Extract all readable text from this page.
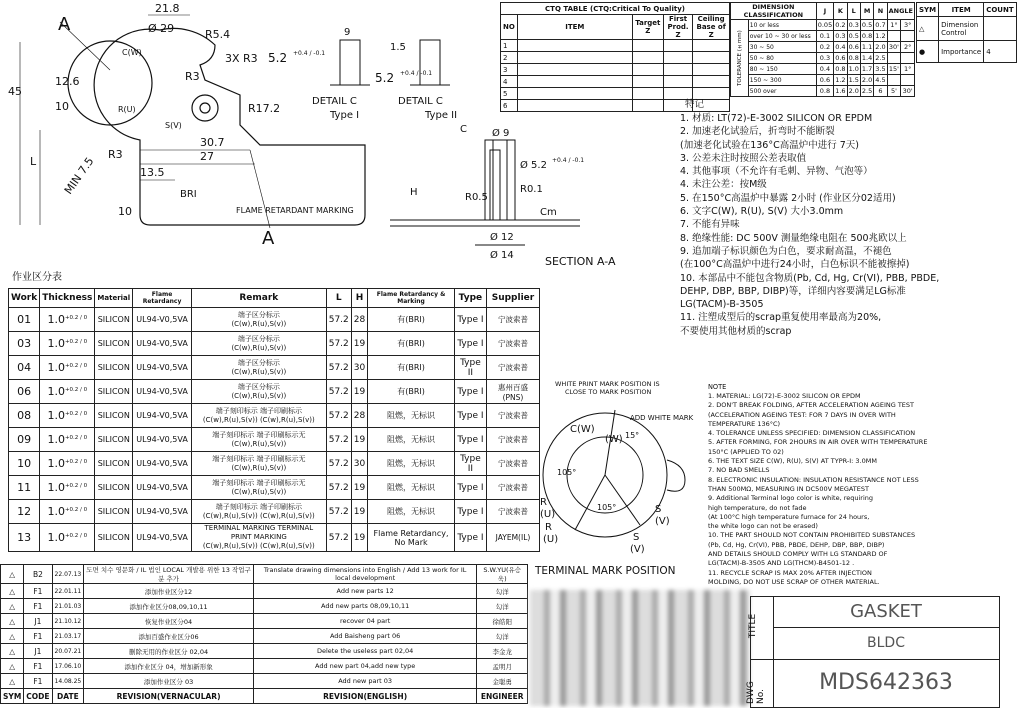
CTQ TABLE (CTQ:Critical To Quality)				
NO	ITEM	Target Z	First Prod. Z	Ceiling Base of Z
1				
2				
3				
4				
5				
6				
DIMENSION CLASSIFICATION		J	K	L	M	N	ANGLE	
TOLERANCE (±mm)	10 or less	0.05	0.2	0.3	0.5	0.7	1°	3°
	over 10 ~ 30 or less	0.1	0.3	0.5	0.8	1.2		
	30 ~ 50	0.2	0.4	0.6	1.1	2.0	30'	2°
	50 ~ 80	0.3	0.6	0.8	1.4	2.5		
	80 ~ 150	0.4	0.8	1.0	1.7	3.5	15'	1°
	150 ~ 300	0.6	1.2	1.5	2.0	4.5		
	500 over	0.8	1.6	2.0	2.5	6	5'	30'
SYM	ITEM	COUNT
△	Dimension Control	
●	Importance	4
A
A
21.8
Ø 29	R5.4
3X R3
C(W)
R3
R(U)
10
12.6
R17.2
S(V)
30.7
27
13.5
45
L MIN 7.5	BRI
10	FLAME RETARDANT MARKING
R3
9
5.2 +0.4 / -0.1
DETAIL C
Type I
1.5
5.2 +0.4 / -0.1
DETAIL C
Type II
C	Ø 9
Ø 5.2 +0.4 / -0.1
R0.1
R0.5
H
Cm
Ø 12
Ø 14	SECTION A-A
作业区分表
Work	Thickness	Material	Flame Retardancy	Remark	L	H	Flame Retardancy & Marking	Type	Supplier
01	$1.0^{+0.2 / 0}$	SILICON	UL94-V0,5VA	端子区分标示
(C(w),R(u),S(v))	57.2	28	有(BRI)	Type I	宁波索普
03	$1.0^{+0.2 / 0}$	SILICON	UL94-V0,5VA	端子区分标示
(C(w),R(u),S(v))	57.2	19	有(BRI)	Type I	宁波索普
04	$1.0^{+0.2 / 0}$	SILICON	UL94-V0,5VA	端子区分标示
(C(w),R(u),S(v))	57.2	30	有(BRI)	Type II	宁波索普
06	$1.0^{+0.2 / 0}$	SILICON	UL94-V0,5VA	端子区分标示
(C(w),R(u),S(v))	57.2	19	有(BRI)	Type I	惠州百盛(PNS)
08	$1.0^{+0.2 / 0}$	SILICON	UL94-V0,5VA	端子刻印标示 端子印刷标示
(C(w),R(u),S(v)) (C(w),R(u),S(v))	57.2	28	阻燃，无标识	Type I	宁波索普
09	$1.0^{+0.2 / 0}$	SILICON	UL94-V0,5VA	端子刻印标示 端子印刷标示无
(C(w),R(u),S(v))	57.2	19	阻燃，无标识	Type I	宁波索普
10	$1.0^{+0.2 / 0}$	SILICON	UL94-V0,5VA	端子刻印标示 端子印刷标示无
(C(w),R(u),S(v))	57.2	30	阻燃，无标识	Type II	宁波索普
11	$1.0^{+0.2 / 0}$	SILICON	UL94-V0,5VA	端子刻印标示 端子印刷标示无
(C(w),R(u),S(v))	57.2	19	阻燃，无标识	Type I	宁波索普
12	$1.0^{+0.2 / 0}$	SILICON	UL94-V0,5VA	端子刻印标示 端子印刷标示
(C(w),R(u),S(v)) (C(w),R(u),S(v))	57.2	19	阻燃，无标识	Type I	宁波索普
13	$1.0^{+0.2 / 0}$	SILICON	UL94-V0,5VA	TERMINAL MARKING TERMINAL PRINT MARKING
(C(w),R(u),S(v)) (C(w),R(u),S(v))	57.2	19	Flame Retardancy,
No Mark	Type I	JAYEM(IL)
特记
1. 材质: LT(72)-E-3002 SILICON OR EPDM
2. 加速老化试验后，折弯时不能断裂
(加速老化试验在136°C高温炉中进行 7天)
3. 公差未注时按照公差表取值
4. 其他事项（不允许有毛刺、异物、气泡等）
4. 未注公差：按M级
5. 在150°C高温炉中暴露 2小时 (作业区分02适用)
6. 文字C(W), R(U), S(V) 大小3.0mm
7. 不能有异味
8. 绝缘性能: DC 500V 测量绝缘电阻在 500兆欧以上
9. 追加端子标识颜色为白色，要求耐高温，不褪色
(在100°C高温炉中进行24小时，白色标识不能被擦掉)
10. 本部品中不能包含物质(Pb, Cd, Hg, Cr(VI), PBB, PBDE,
DEHP, DBP, BBP, DIBP)等，详细内容要满足LG标准
LG(TACM)-B-3505
11. 注塑成型后的scrap重复使用率最高为20%,
不要使用其他材质的scrap
NOTE
1. MATERIAL: LG(72)-E-3002 SILICON OR EPDM
2. DON'T BREAK FOLDING, AFTER ACCELERATION AGEING TEST
(ACCELERATION AGEING TEST: FOR 7 DAYS IN OVER WITH
TEMPERATURE 136°C)
4. TOLERANCE UNLESS SPECIFIED: DIMENSION CLASSIFICATION
5. AFTER FORMING, FOR 2HOURS IN AIR OVER WITH TEMPERATURE
150°C (APPLIED TO 02)
6. THE TEXT SIZE C(W), R(U), S(V) AT TYPR-I: 3.0MM
7. NO BAD SMELLS
8. ELECTRONIC INSULATION: INSULATION RESISTANCE NOT LESS
THAN 500MΩ, MEASURING IN DC500V MEGATEST
9. Additional Terminal logo color is white, requiring
high temperature, do not fade
(At 100°C high temperature furnace for 24 hours,
the white logo can not be erased)
10. THE PART SHOULD NOT CONTAIN PROHIBITED SUBSTANCES
(Pb, Cd, Hg, Cr(VI), PBB, PBDE, DEHP, DBP, BBP, DIBP)
AND DETAILS SHOULD COMPLY WITH LG STANDARD OF
LG(TACM)-B-3505 AND LG(THCM)-B4501-12 .
11. RECYCLE SCRAP IS MAX 20% AFTER INJECTION
MOLDING, DO NOT USE SCRAP OF OTHER MATERIAL.
WHITE PRINT MARK POSITION IS
CLOSE TO MARK POSITION
ADD WHITE MARK
C(W)
(W) 15°
R
(U)	S
(V)
105°
105°
S
(V)
R
(U)
TERMINAL MARK POSITION
△	B2	22.07.13	도면 치수 영문화 / IL 법인 LOCAL 개발용 위한 13 작업구분 추가	Translate drawing dimensions into English / Add 13 work for IL local development	S.W.YU(유승욱)
△	F1	22.01.11	添加作业区分12	Add new parts 12	勾洋
△	F1	21.01.03	添加作业区分08,09,10,11	Add new parts 08,09,10,11	勾洋
△	J1	21.10.12	恢复作业区分04	recover 04 part	徐皓阳
△	F1	21.03.17	添加百盛作业区分06	Add Baisheng part 06	勾洋
△	J1	20.07.21	删除无用的作业区分 02,04	Delete the useless part 02,04	李金龙
△	F1	17.06.10	添加作业区分 04，增加新形象	Add new part 04,add new type	孟明月
△	F1	14.08.25	添加作业区分 03	Add new part 03	金聪勇
SYM	CODE	DATE	REVISION(VERNACULAR)	REVISION(ENGLISH)	ENGINEER
TITLE
DWG No.
GASKET
BLDC
MDS642363
